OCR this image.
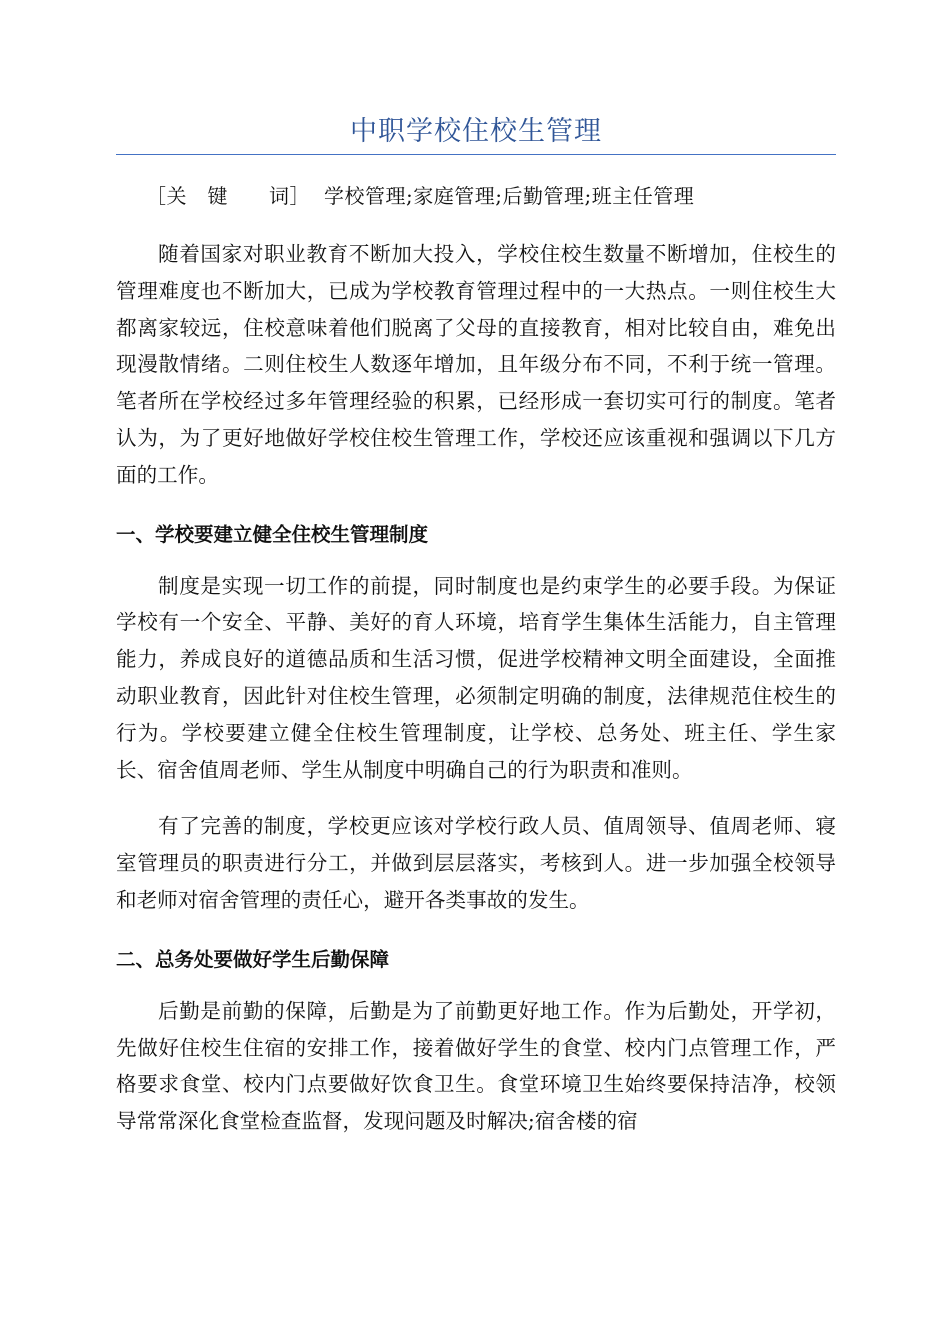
中职学校住校生管理
［关　键　　词］ 学校管理;家庭管理;后勤管理;班主任管理

随着国家对职业教育不断加大投入，学校住校生数量不断增加，住校生的管理难度也不断加大，已成为学校教育管理过程中的一大热点。一则住校生大都离家较远，住校意味着他们脱离了父母的直接教育，相对比较自由，难免出现漫散情绪。二则住校生人数逐年增加，且年级分布不同，不利于统一管理。笔者所在学校经过多年管理经验的积累，已经形成一套切实可行的制度。笔者认为，为了更好地做好学校住校生管理工作，学校还应该重视和强调以下几方面的工作。

一、学校要建立健全住校生管理制度

制度是实现一切工作的前提，同时制度也是约束学生的必要手段。为保证学校有一个安全、平静、美好的育人环境，培育学生集体生活能力，自主管理能力，养成良好的道德品质和生活习惯，促进学校精神文明全面建设，全面推动职业教育，因此针对住校生管理，必须制定明确的制度，法律规范住校生的行为。学校要建立健全住校生管理制度，让学校、总务处、班主任、学生家长、宿舍值周老师、学生从制度中明确自己的行为职责和准则。

有了完善的制度，学校更应该对学校行政人员、值周领导、值周老师、寝室管理员的职责进行分工，并做到层层落实，考核到人。进一步加强全校领导和老师对宿舍管理的责任心，避开各类事故的发生。

二、总务处要做好学生后勤保障

后勤是前勤的保障，后勤是为了前勤更好地工作。作为后勤处，开学初，先做好住校生住宿的安排工作，接着做好学生的食堂、校内门点管理工作，严格要求食堂、校内门点要做好饮食卫生。食堂环境卫生始终要保持洁净，校领导常常深化食堂检查监督，发现问题及时解决;宿舍楼的宿
